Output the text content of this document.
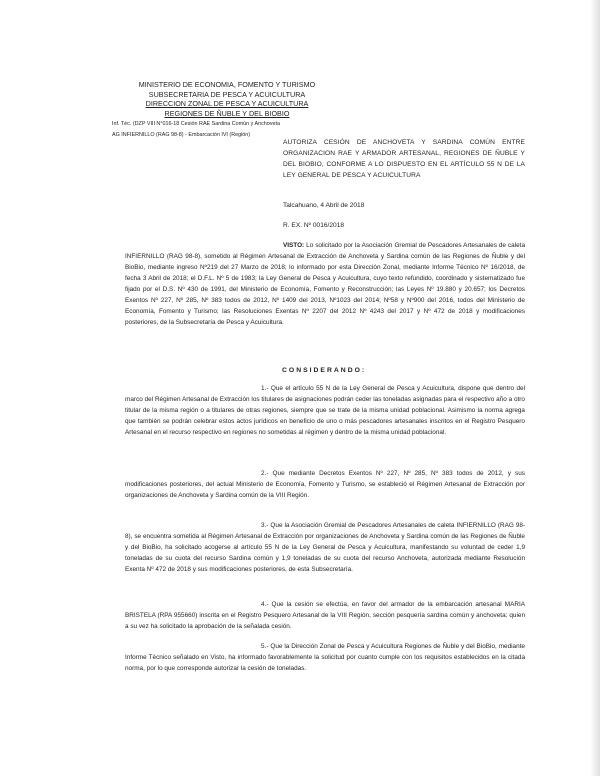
MINISTERIO DE ECONOMIA, FOMENTO Y TURISMO
SUBSECRETARIA DE PESCA Y ACUICULTURA
DIRECCION ZONAL DE PESCA Y ACUICULTURA
REGIONES DE ÑUBLE Y DEL BIOBIO
Inf. Téc. (DZP VIII N°016-18 Cesión RAE Sardina Común y Anchoveta
AG INFIERNILLO (RAG 98-8) - Embarcación IVI (Región)
AUTORIZA CESIÓN DE ANCHOVETA Y SARDINA COMÚN ENTRE ORGANIZACION RAE Y ARMADOR ARTESANAL, REGIONES DE ÑUBLE Y DEL BIOBIO, CONFORME A LO DISPUESTO EN EL ARTÍCULO 55 N DE LA LEY GENERAL DE PESCA Y ACUICULTURA
Talcahuano, 4 Abril de 2018
R. EX. Nº 0016/2018
VISTO: Lo solicitado por la Asociación Gremial de Pescadores Artesanales de caleta INFIERNILLO (RAG 98-8), sometido al Régimen Artesanal de Extracción de Anchoveta y Sardina común de las Regiones de Ñuble y del BioBio, mediante ingreso Nº219 del 27 Marzo de 2018; lo informado por esta Dirección Zonal, mediante Informe Técnico Nº 16/2018, de fecha 3 Abril de 2018; el D.F.L. Nº 5 de 1983; la Ley General de Pesca y Acuicultura, cuyo texto refundido, coordinado y sistematizado fue fijado por el D.S. Nº 430 de 1991, del Ministerio de Economía, Fomento y Reconstrucción; las Leyes Nº 19.880 y 20.657; los Decretos Exentos Nº 227, Nº 285, Nº 383 todos de 2012, Nº 1409 del 2013, Nº1023 del 2014; Nº58 y Nº900 del 2016, todos del Ministerio de Economía, Fomento y Turismo; las Resoluciones Exentas Nº 2207 del 2012 Nº 4243 del 2017 y Nº 472 de 2018 y modificaciones posteriores, de la Subsecretaría de Pesca y Acuicultura.
CONSIDERANDO:
1.- Que el artículo 55 N de la Ley General de Pesca y Acuicultura, dispone que dentro del marco del Régimen Artesanal de Extracción los titulares de asignaciones podrán ceder las toneladas asignadas para el respectivo año a otro titular de la misma región o a titulares de otras regiones, siempre que se trate de la misma unidad poblacional. Asimismo la norma agrega que también se podrán celebrar estos actos jurídicos en beneficio de uno o más pescadores artesanales inscritos en el Registro Pesquero Artesanal en el recurso respectivo en regiones no sometidas al régimen y dentro de la misma unidad poblacional.
2.- Que mediante Decretos Exentos Nº 227, Nº 285, Nº 383 todos de 2012, y sus modificaciones posteriores, del actual Ministerio de Economía, Fomento y Turismo, se estableció el Régimen Artesanal de Extracción por organizaciones de Anchoveta y Sardina común de la VIII Región.
3.- Que la Asociación Gremial de Pescadores Artesanales de caleta INFIERNILLO (RAG 98-8), se encuentra sometida al Régimen Artesanal de Extracción por organizaciones de Anchoveta y Sardina común de las Regiones de Ñuble y del BioBio, ha solicitado acogerse al artículo 55 N de la Ley General de Pesca y Acuicultura, manifestando su voluntad de ceder 1,9 toneladas de su cuota del recurso Sardina común y 1,9 toneladas de su cuota del recurso Anchoveta, autorizada mediante Resolución Exenta Nº 472 de 2018 y sus modificaciones posteriores, de esta Subsecretaría.
4.- Que la cesión se efectúa, en favor del armador de la embarcación artesanal MARIA BRISTELA (RPA 955660) inscrita en el Registro Pesquero Artesanal de la VIII Región, sección pesquería sardina común y anchoveta; quien a su vez ha solicitado la aprobación de la señalada cesión.
5.- Que la Dirección Zonal de Pesca y Acuicultura Regiones de Ñuble y del BioBio, mediante Informe Técnico señalado en Visto, ha informado favorablemente la solicitud por cuanto cumple con los requisitos establecidos en la citada norma, por lo que corresponde autorizar la cesión de toneladas.
